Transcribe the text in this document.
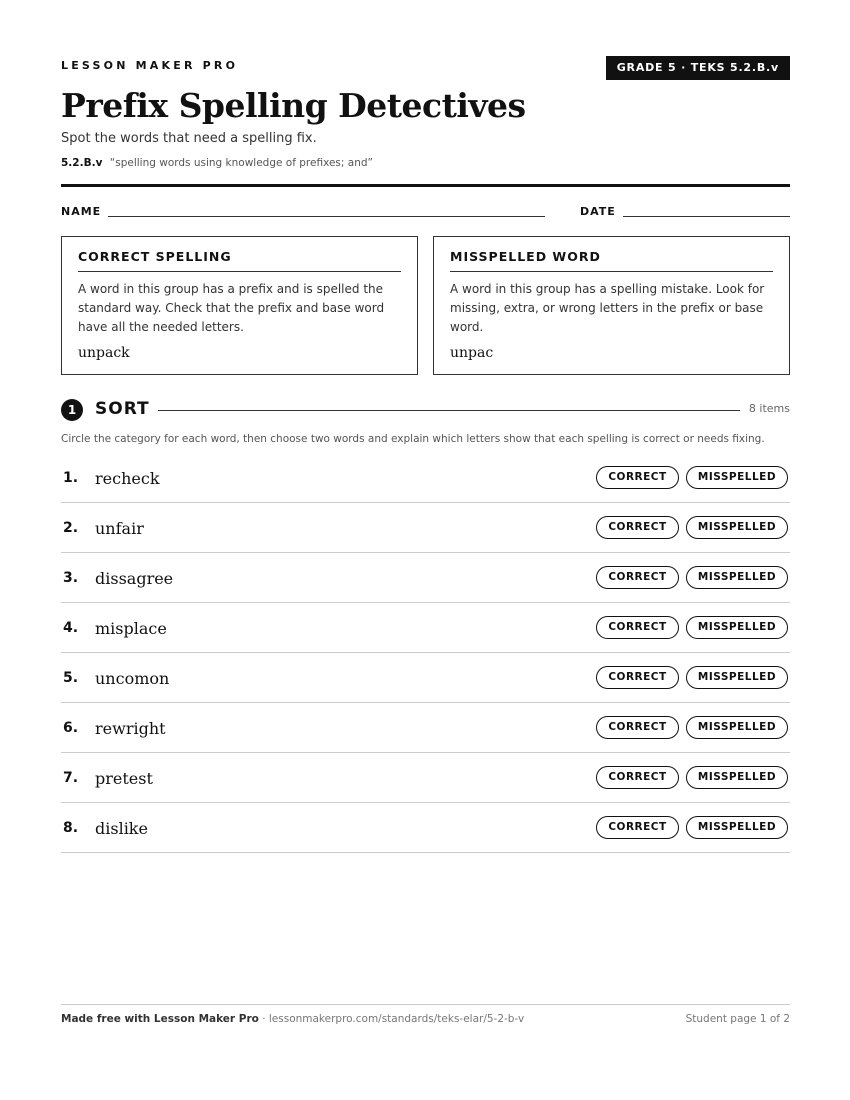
LESSON MAKER PRO	GRADE 5 · TEKS 5.2.B.v
Prefix Spelling Detectives
Spot the words that need a spelling fix.
5.2.B.v “spelling words using knowledge of prefixes; and”
NAME	DATE
CORRECT SPELLING
A word in this group has a prefix and is spelled the standard way. Check that the prefix and base word have all the needed letters.
unpack
MISSPELLED WORD
A word in this group has a spelling mistake. Look for missing, extra, or wrong letters in the prefix or base word.
unpac
1	SORT	8 items
Circle the category for each word, then choose two words and explain which letters show that each spelling is correct or needs fixing.
1. recheck	CORRECT	MISSPELLED
2. unfair	CORRECT	MISSPELLED
3. dissagree	CORRECT	MISSPELLED
4. misplace	CORRECT	MISSPELLED
5. uncomon	CORRECT	MISSPELLED
6. rewright	CORRECT	MISSPELLED
7. pretest	CORRECT	MISSPELLED
8. dislike	CORRECT	MISSPELLED
Made free with Lesson Maker Pro · lessonmakerpro.com/standards/teks-elar/5-2-b-v	Student page 1 of 2
